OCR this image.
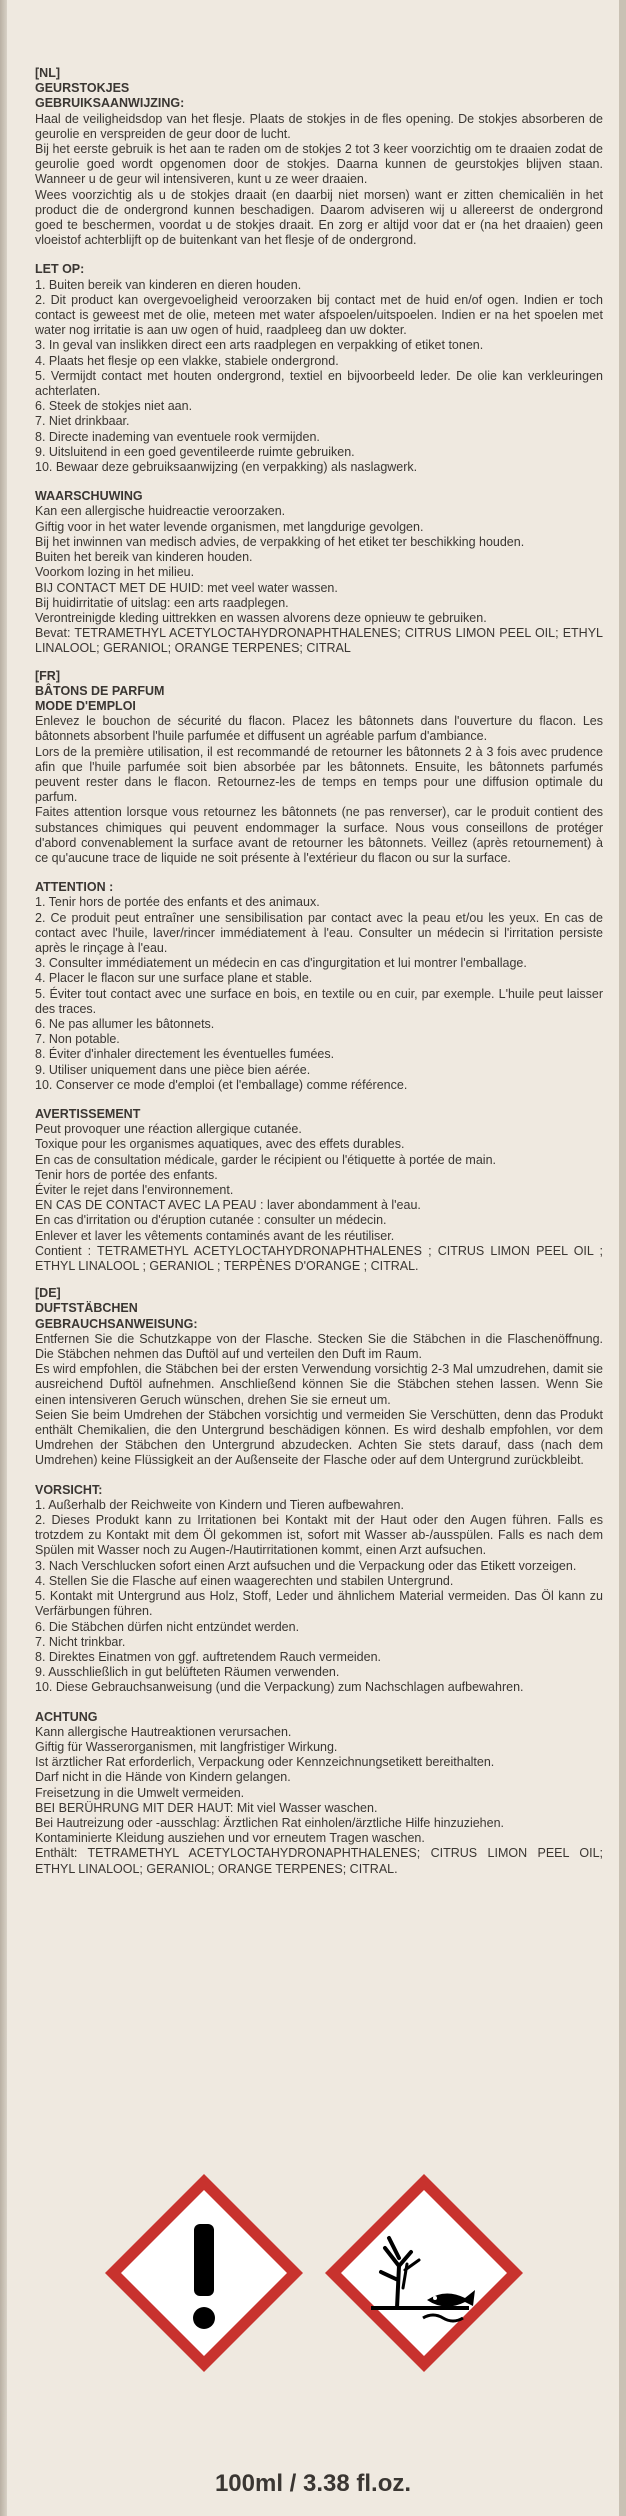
[NL]

GEURSTOKJES

GEBRUIKSAANWIJZING:

Haal de veiligheidsdop van het flesje. Plaats de stokjes in de fles opening. De stokjes absorberen de geurolie en verspreiden de geur door de lucht.

Bij het eerste gebruik is het aan te raden om de stokjes 2 tot 3 keer voorzichtig om te draaien zodat de geurolie goed wordt opgenomen door de stokjes. Daarna kunnen de geurstokjes blijven staan. Wanneer u de geur wil intensiveren, kunt u ze weer draaien.

Wees voorzichtig als u de stokjes draait (en daarbij niet morsen) want er zitten chemicaliën in het product die de ondergrond kunnen beschadigen. Daarom adviseren wij u allereerst de ondergrond goed te beschermen, voordat u de stokjes draait. En zorg er altijd voor dat er (na het draaien) geen vloeistof achterblijft op de buitenkant van het flesje of de ondergrond.

LET OP:

1. Buiten bereik van kinderen en dieren houden.
2. Dit product kan overgevoeligheid veroorzaken bij contact met de huid en/of ogen. Indien er toch contact is geweest met de olie, meteen met water afspoelen/uitspoelen. Indien er na het spoelen met water nog irritatie is aan uw ogen of huid, raadpleeg dan uw dokter.
3. In geval van inslikken direct een arts raadplegen en verpakking of etiket tonen.
4. Plaats het flesje op een vlakke, stabiele ondergrond.
5. Vermijdt contact met houten ondergrond, textiel en bijvoorbeeld leder. De olie kan verkleuringen achterlaten.
6. Steek de stokjes niet aan.
7. Niet drinkbaar.
8. Directe inademing van eventuele rook vermijden.
9. Uitsluitend in een goed geventileerde ruimte gebruiken.
10. Bewaar deze gebruiksaanwijzing (en verpakking) als naslagwerk.

WAARSCHUWING

Kan een allergische huidreactie veroorzaken.
Giftig voor in het water levende organismen, met langdurige gevolgen.
Bij het inwinnen van medisch advies, de verpakking of het etiket ter beschikking houden.
Buiten het bereik van kinderen houden.
Voorkom lozing in het milieu.
BIJ CONTACT MET DE HUID: met veel water wassen.
Bij huidirritatie of uitslag: een arts raadplegen.
Verontreinigde kleding uittrekken en wassen alvorens deze opnieuw te gebruiken.
Bevat: TETRAMETHYL ACETYLOCTAHYDRONAPHTHALENES; CITRUS LIMON PEEL OIL; ETHYL LINALOOL; GERANIOL; ORANGE TERPENES; CITRAL

[FR]

BÂTONS DE PARFUM

MODE D'EMPLOI

Enlevez le bouchon de sécurité du flacon. Placez les bâtonnets dans l'ouverture du flacon. Les bâtonnets absorbent l'huile parfumée et diffusent un agréable parfum d'ambiance.

Lors de la première utilisation, il est recommandé de retourner les bâtonnets 2 à 3 fois avec prudence afin que l'huile parfumée soit bien absorbée par les bâtonnets. Ensuite, les bâtonnets parfumés peuvent rester dans le flacon. Retournez-les de temps en temps pour une diffusion optimale du parfum.

Faites attention lorsque vous retournez les bâtonnets (ne pas renverser), car le produit contient des substances chimiques qui peuvent endommager la surface. Nous vous conseillons de protéger d'abord convenablement la surface avant de retourner les bâtonnets. Veillez (après retournement) à ce qu'aucune trace de liquide ne soit présente à l'extérieur du flacon ou sur la surface.

ATTENTION :

1. Tenir hors de portée des enfants et des animaux.
2. Ce produit peut entraîner une sensibilisation par contact avec la peau et/ou les yeux. En cas de contact avec l'huile, laver/rincer immédiatement à l'eau. Consulter un médecin si l'irritation persiste après le rinçage à l'eau.
3. Consulter immédiatement un médecin en cas d'ingurgitation et lui montrer l'emballage.
4. Placer le flacon sur une surface plane et stable.
5. Éviter tout contact avec une surface en bois, en textile ou en cuir, par exemple. L'huile peut laisser des traces.
6. Ne pas allumer les bâtonnets.
7. Non potable.
8. Éviter d'inhaler directement les éventuelles fumées.
9. Utiliser uniquement dans une pièce bien aérée.
10. Conserver ce mode d'emploi (et l'emballage) comme référence.

AVERTISSEMENT

Peut provoquer une réaction allergique cutanée.
Toxique pour les organismes aquatiques, avec des effets durables.
En cas de consultation médicale, garder le récipient ou l'étiquette à portée de main.
Tenir hors de portée des enfants.
Éviter le rejet dans l'environnement.
EN CAS DE CONTACT AVEC LA PEAU : laver abondamment à l'eau.
En cas d'irritation ou d'éruption cutanée : consulter un médecin.
Enlever et laver les vêtements contaminés avant de les réutiliser.
Contient : TETRAMETHYL ACETYLOCTAHYDRONAPHTHALENES ; CITRUS LIMON PEEL OIL ; ETHYL LINALOOL ; GERANIOL ; TERPÈNES D'ORANGE ; CITRAL.

[DE]

DUFTSTÄBCHEN

GEBRAUCHSANWEISUNG:

Entfernen Sie die Schutzkappe von der Flasche. Stecken Sie die Stäbchen in die Flaschenöffnung. Die Stäbchen nehmen das Duftöl auf und verteilen den Duft im Raum.

Es wird empfohlen, die Stäbchen bei der ersten Verwendung vorsichtig 2-3 Mal umzudrehen, damit sie ausreichend Duftöl aufnehmen. Anschließend können Sie die Stäbchen stehen lassen. Wenn Sie einen intensiveren Geruch wünschen, drehen Sie sie erneut um.

Seien Sie beim Umdrehen der Stäbchen vorsichtig und vermeiden Sie Verschütten, denn das Produkt enthält Chemikalien, die den Untergrund beschädigen können. Es wird deshalb empfohlen, vor dem Umdrehen der Stäbchen den Untergrund abzudecken. Achten Sie stets darauf, dass (nach dem Umdrehen) keine Flüssigkeit an der Außenseite der Flasche oder auf dem Untergrund zurückbleibt.

VORSICHT:

1. Außerhalb der Reichweite von Kindern und Tieren aufbewahren.
2. Dieses Produkt kann zu Irritationen bei Kontakt mit der Haut oder den Augen führen. Falls es trotzdem zu Kontakt mit dem Öl gekommen ist, sofort mit Wasser ab-/ausspülen. Falls es nach dem Spülen mit Wasser noch zu Augen-/Hautirritationen kommt, einen Arzt aufsuchen.
3. Nach Verschlucken sofort einen Arzt aufsuchen und die Verpackung oder das Etikett vorzeigen.
4. Stellen Sie die Flasche auf einen waagerechten und stabilen Untergrund.
5. Kontakt mit Untergrund aus Holz, Stoff, Leder und ähnlichem Material vermeiden. Das Öl kann zu Verfärbungen führen.
6. Die Stäbchen dürfen nicht entzündet werden.
7. Nicht trinkbar.
8. Direktes Einatmen von ggf. auftretendem Rauch vermeiden.
9. Ausschließlich in gut belüfteten Räumen verwenden.
10. Diese Gebrauchsanweisung (und die Verpackung) zum Nachschlagen aufbewahren.

ACHTUNG

Kann allergische Hautreaktionen verursachen.
Giftig für Wasserorganismen, mit langfristiger Wirkung.
Ist ärztlicher Rat erforderlich, Verpackung oder Kennzeichnungsetikett bereithalten.
Darf nicht in die Hände von Kindern gelangen.
Freisetzung in die Umwelt vermeiden.
BEI BERÜHRUNG MIT DER HAUT: Mit viel Wasser waschen.
Bei Hautreizung oder -ausschlag: Ärztlichen Rat einholen/ärztliche Hilfe hinzuziehen.
Kontaminierte Kleidung ausziehen und vor erneutem Tragen waschen.
Enthält: TETRAMETHYL ACETYLOCTAHYDRONAPHTHALENES; CITRUS LIMON PEEL OIL; ETHYL LINALOOL; GERANIOL; ORANGE TERPENES; CITRAL.
100ml / 3.38 fl.oz.
